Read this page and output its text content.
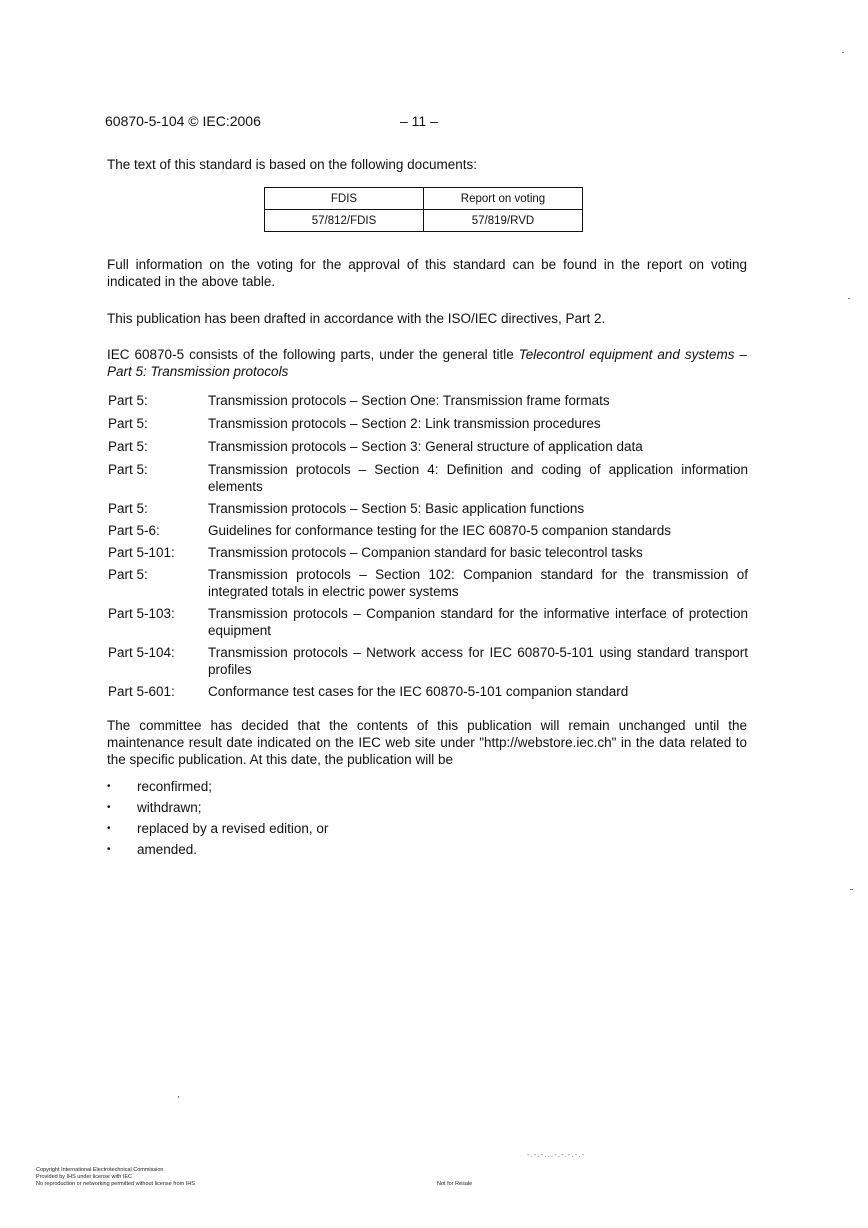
60870-5-104 © IEC:2006	– 11 –
The text of this standard is based on the following documents:
FDIS	Report on voting
57/812/FDIS	57/819/RVD
Full information on the voting for the approval of this standard can be found in the report on voting indicated in the above table.
This publication has been drafted in accordance with the ISO/IEC directives, Part 2.
IEC 60870-5 consists of the following parts, under the general title Telecontrol equipment and systems – Part 5: Transmission protocols
Part 5:	Transmission protocols – Section One: Transmission frame formats
Part 5:	Transmission protocols – Section 2: Link transmission procedures
Part 5:	Transmission protocols – Section 3: General structure of application data
Part 5:	Transmission protocols – Section 4: Definition and coding of application information elements
Part 5:	Transmission protocols – Section 5: Basic application functions
Part 5-6:	Guidelines for conformance testing for the IEC 60870-5 companion standards
Part 5-101:	Transmission protocols – Companion standard for basic telecontrol tasks
Part 5:	Transmission protocols – Section 102: Companion standard for the transmission of integrated totals in electric power systems
Part 5-103:	Transmission protocols – Companion standard for the informative interface of protection equipment
Part 5-104:	Transmission protocols – Network access for IEC 60870-5-101 using standard transport profiles
Part 5-601:	Conformance test cases for the IEC 60870-5-101 companion standard
The committee has decided that the contents of this publication will remain unchanged until the maintenance result date indicated on the IEC web site under "http://webstore.iec.ch" in the data related to the specific publication. At this date, the publication will be
•	reconfirmed;
•	withdrawn;
•	replaced by a revised edition, or
•	amended.
-.-.-...-.-.-.-.-
Copyright International Electrotechnical Commission
Provided by IHS under license with IEC
No reproduction or networking permitted without license from IHS	Not for Resale
